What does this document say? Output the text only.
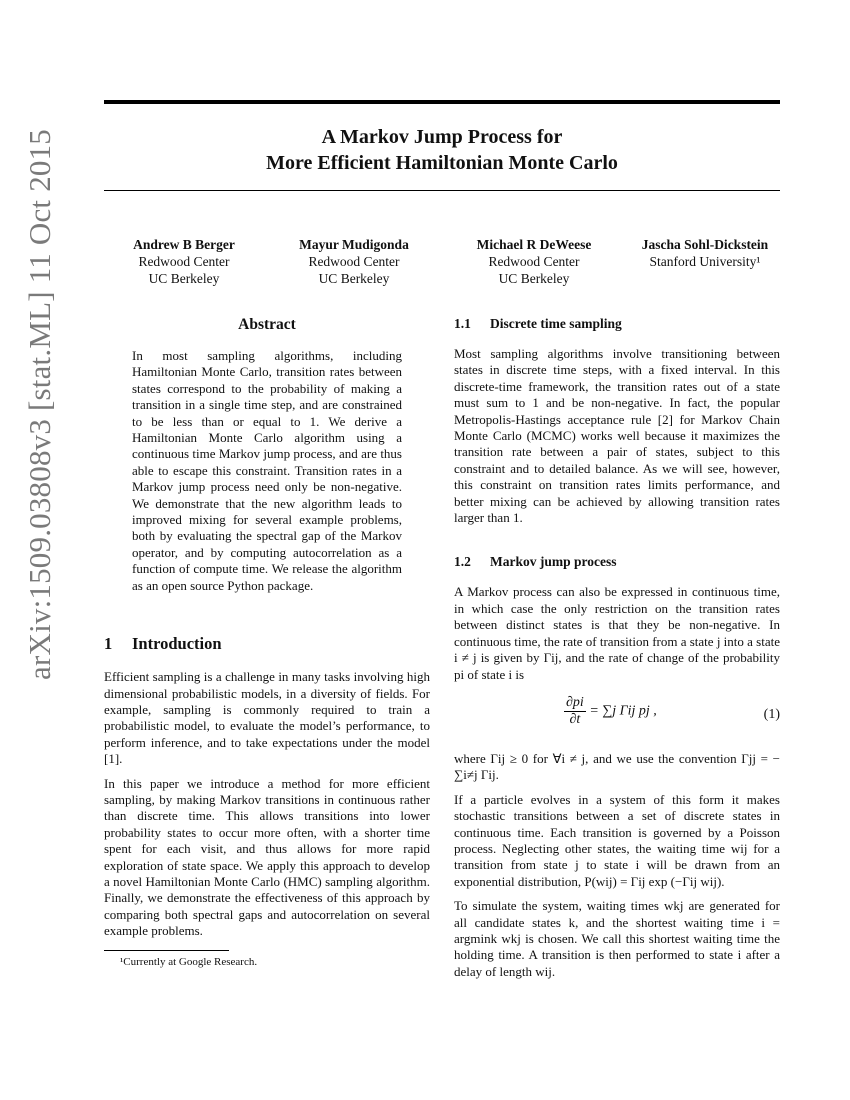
arXiv:1509.03808v3 [stat.ML] 11 Oct 2015	A Markov Jump Process for
More Efficient Hamiltonian Monte Carlo
Andrew B Berger
Redwood Center
UC Berkeley
Mayur Mudigonda
Redwood Center
UC Berkeley
Michael R DeWeese
Redwood Center
UC Berkeley
Jascha Sohl-Dickstein
Stanford University¹
Abstract
In most sampling algorithms, including Hamiltonian Monte Carlo, transition rates between states correspond to the probability of making a transition in a single time step, and are constrained to be less than or equal to 1. We derive a Hamiltonian Monte Carlo algorithm using a continuous time Markov jump process, and are thus able to escape this constraint. Transition rates in a Markov jump process need only be non-negative. We demonstrate that the new algorithm leads to improved mixing for several example problems, both by evaluating the spectral gap of the Markov operator, and by computing autocorrelation as a function of compute time. We release the algorithm as an open source Python package.
1 Introduction
Efficient sampling is a challenge in many tasks involving high dimensional probabilistic models, in a diversity of fields. For example, sampling is commonly required to train a probabilistic model, to evaluate the model’s performance, to perform inference, and to take expectations under the model [1].
In this paper we introduce a method for more efficient sampling, by making Markov transitions in continuous rather than discrete time. This allows transitions into lower probability states to occur more often, with a shorter time spent for each visit, and thus allows for more rapid exploration of state space. We apply this approach to develop a novel Hamiltonian Monte Carlo (HMC) sampling algorithm. Finally, we demonstrate the effectiveness of this approach by comparing both spectral gaps and autocorrelation on several example problems.
¹Currently at Google Research.
1.1 Discrete time sampling
Most sampling algorithms involve transitioning between states in discrete time steps, with a fixed interval. In this discrete-time framework, the transition rates out of a state must sum to 1 and be non-negative. In fact, the popular Metropolis-Hastings acceptance rule [2] for Markov Chain Monte Carlo (MCMC) works well because it maximizes the transition rate between a pair of states, subject to this constraint and to detailed balance. As we will see, however, this constraint on transition rates limits performance, and better mixing can be achieved by allowing transition rates larger than 1.
1.2 Markov jump process
A Markov process can also be expressed in continuous time, in which case the only restriction on the transition rates between distinct states is that they be non-negative. In continuous time, the rate of transition from a state j into a state i ≠ j is given by Γij, and the rate of change of the probability pi of state i is
$\frac{\partial pi}{\partial t} = \sum j$ Γij pj ,	(1)
where Γij ≥ 0 for ∀i ≠ j, and we use the convention Γjj = − ∑i≠j Γij.
If a particle evolves in a system of this form it makes stochastic transitions between a set of discrete states in continuous time. Each transition is governed by a Poisson process. Neglecting other states, the waiting time wij for a transition from state j to state i will be drawn from an exponential distribution, P(wij) = Γij exp (−Γij wij).
To simulate the system, waiting times wkj are generated for all candidate states k, and the shortest waiting time i = argmink wkj is chosen. We call this shortest waiting time the holding time. A transition is then performed to state i after a delay of length wij.
